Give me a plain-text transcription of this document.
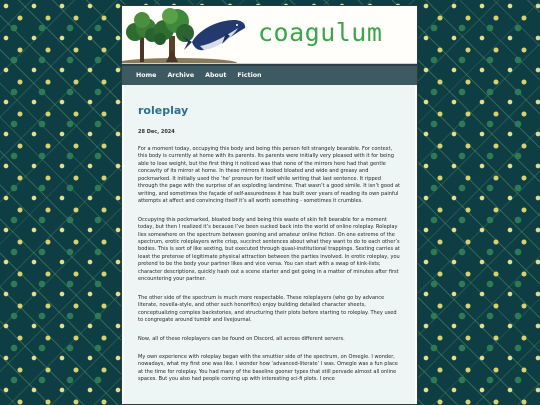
coagulum
Home Archive About Fiction
roleplay
28 Dec, 2024

For a moment today, occupying this body and being this person felt strangely bearable. For context, this body is currently at home with its parents. Its parents were initially very pleased with it for being able to lose weight, but the first thing it noticed was that none of the mirrors here had that gentle concavity of its mirror at home. In these mirrors it looked bloated and wide and greasy and pockmarked. It initially used the ‘he’ pronoun for itself while writing that last sentence. It ripped through the page with the surprise of an exploding landmine. That wasn’t a good simile. It isn’t good at writing, and sometimes the façade of self-assuredness it has built over years of reading its own painful attempts at affect and convincing itself it’s all worth something - sometimes it crumbles.

Occupying this pockmarked, bloated body and being this waste of skin felt bearable for a moment today, but then I realized it’s because I’ve been sucked back into the world of online roleplay. Roleplay lies somewhere on the spectrum between gooning and amateur online fiction. On one extreme of the spectrum, erotic roleplayers write crisp, succinct sentences about what they want to do to each other’s bodies. This is sort of like sexting, but executed through quasi-institutional trappings. Sexting carries at least the pretense of legitimate physical attraction between the parties involved. In erotic roleplay, you pretend to be the body your partner likes and vice versa. You can start with a swap of kink-lists; character descriptions, quickly hash out a scene starter and get going in a matter of minutes after first encountering your partner.

The other side of the spectrum is much more respectable. These roleplayers (who go by advance literate, novella-style, and other such honorifics) enjoy building detailed character sheets, conceptualizing complex backstories, and structuring their plots before starting to roleplay. They used to congregate around tumblr and livejournal.

Now, all of these roleplayers can be found on Discord, all across different servers.

My own experience with roleplay began with the smuttier side of the spectrum, on Omegle. I wonder, nowadays, what my first one was like. I wonder how ‘advanced-literate’ I was. Omegle was a fun place at the time for roleplay. You had many of the baseline gooner types that still pervade almost all online spaces. But you also had people coming up with interesting sci-fi plots. I once
